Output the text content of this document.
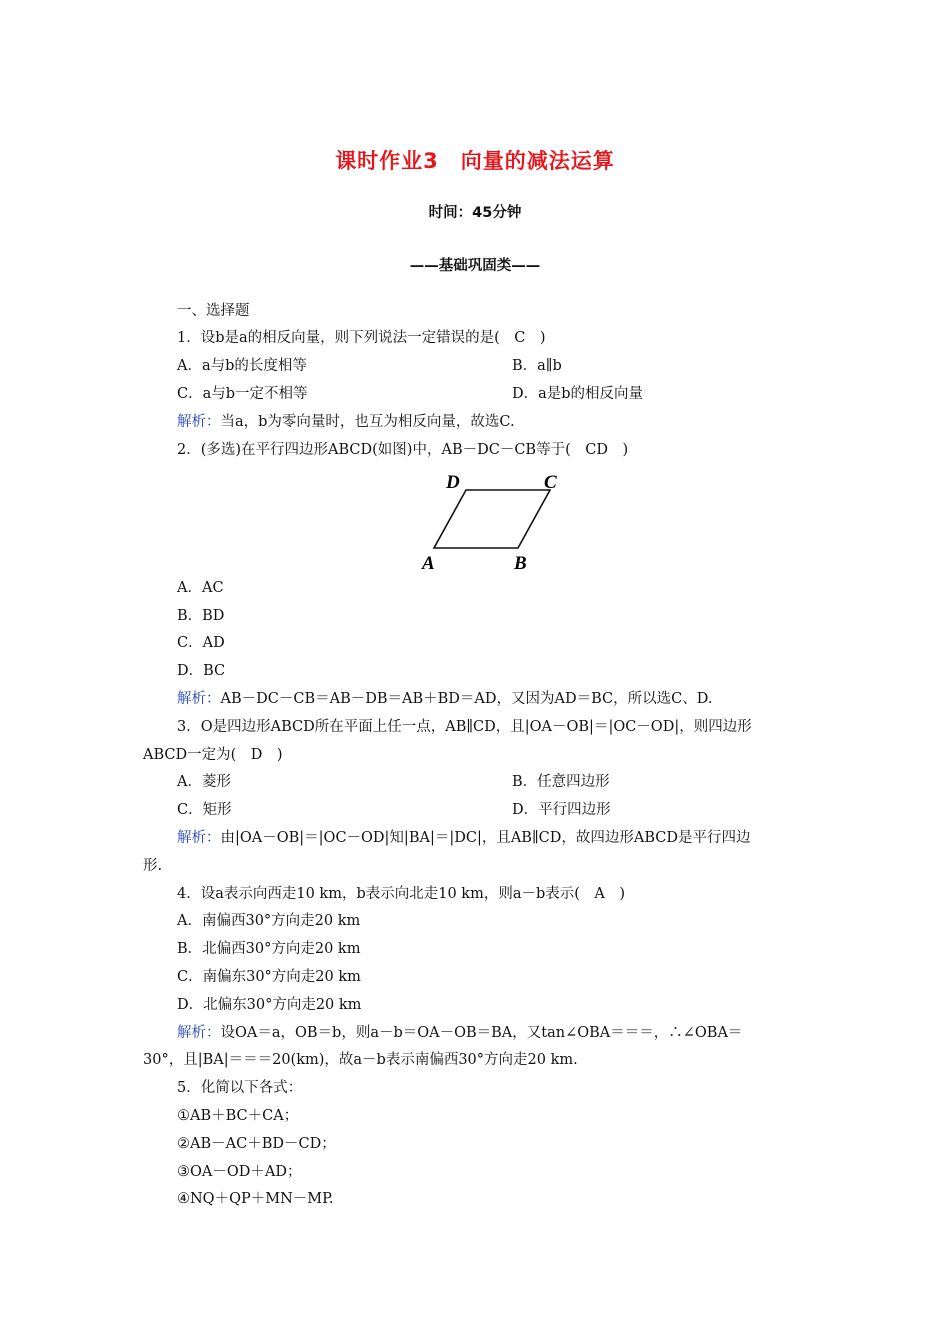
课时作业3　向量的减法运算
时间：45分钟
——基础巩固类——
一、选择题
1．设b是a的相反向量，则下列说法一定错误的是(　C　)
A．a与b的长度相等	B．a∥b
C．a与b一定不相等	D．a是b的相反向量
解析：当a，b为零向量时，也互为相反向量，故选C.
2．(多选)在平行四边形ABCD(如图)中，AB－DC－CB等于(　CD　)
D	C
A	B
A．AC
B．BD
C．AD
D．BC
解析：AB－DC－CB＝AB－DB＝AB＋BD＝AD，又因为AD＝BC，所以选C、D.
3．O是四边形ABCD所在平面上任一点，AB∥CD，且|OA－OB|＝|OC－OD|，则四边形
ABCD一定为(　D　)
A．菱形	B．任意四边形
C．矩形	D．平行四边形
解析：由|OA－OB|＝|OC－OD|知|BA|＝|DC|，且AB∥CD，故四边形ABCD是平行四边
形.
4．设a表示向西走10 km，b表示向北走10 km，则a－b表示(　A　)
A．南偏西30°方向走20 km
B．北偏西30°方向走20 km
C．南偏东30°方向走20 km
D．北偏东30°方向走20 km
解析：设OA＝a，OB＝b，则a－b＝OA－OB＝BA，又tan∠OBA＝＝＝，∴∠OBA＝
30°，且|BA|＝＝＝20(km)，故a－b表示南偏西30°方向走20 km.
5．化简以下各式：
①AB＋BC＋CA；
②AB－AC＋BD－CD；
③OA－OD＋AD；
④NQ＋QP＋MN－MP.
